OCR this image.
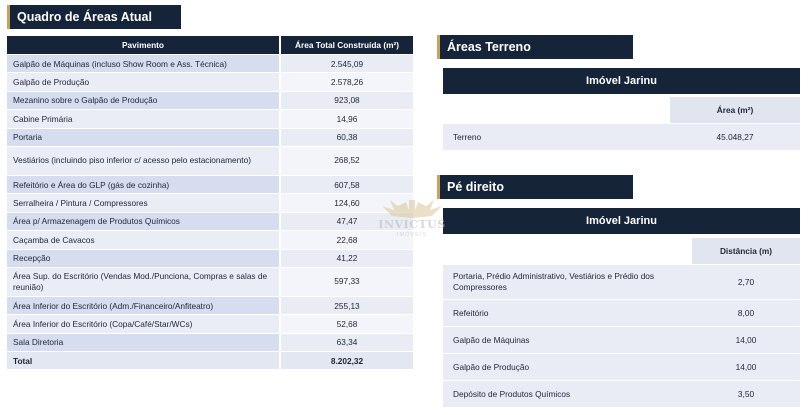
Quadro de Áreas Atual
Pavimento	Área Total Construída (m²)
Galpão de Máquinas (incluso Show Room e Ass. Técnica)	2.545,09
Galpão de Produção	2.578,26
Mezanino sobre o Galpão de Produção	923,08
Cabine Primária	14,96
Portaria	60,38
Vestiários (incluindo piso inferior c/ acesso pelo estacionamento)	268,52
Refeitório e Área do GLP (gás de cozinha)	607,58
Serralheira / Pintura / Compressores	124,60
Área p/ Armazenagem de Produtos Químicos	47,47
Caçamba de Cavacos	22,68
Recepção	41,22
Área Sup. do Escritório (Vendas Mod./Punciona, Compras e salas de reunião)	597,33
Área Inferior do Escritório (Adm./Financeiro/Anfiteatro)	255,13
Área Inferior do Escritório (Copa/Café/Star/WCs)	52,68
Sala Diretoria	63,34
Total	8.202,32
Áreas Terreno
Imóvel Jarinu
	Área (m²)
Terreno	45.048,27
Pé direito
Imóvel Jarinu
	Distância (m)
Portaria, Prédio Administrativo, Vestiários e Prédio dos Compressores	2,70
Refeitório	8,00
Galpão de Máquinas	14,00
Galpão de Produção	14,00
Depósito de Produtos Químicos	3,50
INVICTUS
IMÓVEIS
